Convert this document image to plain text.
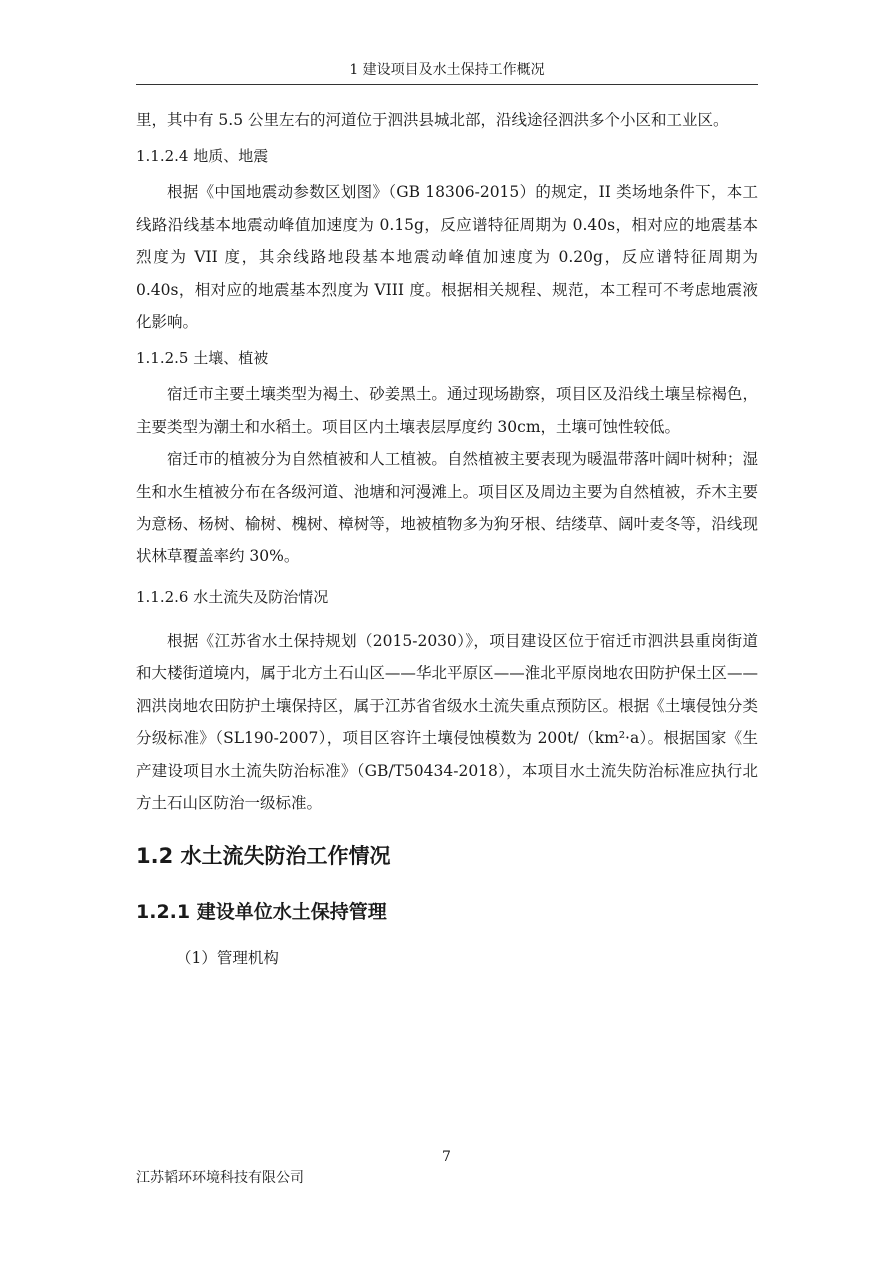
1 建设项目及水土保持工作概况

里，其中有 5.5 公里左右的河道位于泗洪县城北部，沿线途径泗洪多个小区和工业区。

1.1.2.4 地质、地震

根据《中国地震动参数区划图》（GB 18306-2015）的规定，II 类场地条件下，本工线路沿线基本地震动峰值加速度为 0.15g，反应谱特征周期为 0.40s，相对应的地震基本烈度为 VII 度，其余线路地段基本地震动峰值加速度为 0.20g，反应谱特征周期为 0.40s，相对应的地震基本烈度为 VIII 度。根据相关规程、规范，本工程可不考虑地震液化影响。

1.1.2.5 土壤、植被

宿迁市主要土壤类型为褐土、砂姜黑土。通过现场勘察，项目区及沿线土壤呈棕褐色，主要类型为潮土和水稻土。项目区内土壤表层厚度约 30cm，土壤可蚀性较低。

宿迁市的植被分为自然植被和人工植被。自然植被主要表现为暖温带落叶阔叶树种；湿生和水生植被分布在各级河道、池塘和河漫滩上。项目区及周边主要为自然植被，乔木主要为意杨、杨树、榆树、槐树、樟树等，地被植物多为狗牙根、结缕草、阔叶麦冬等，沿线现状林草覆盖率约 30%。

1.1.2.6 水土流失及防治情况

根据《江苏省水土保持规划（2015-2030）》，项目建设区位于宿迁市泗洪县重岗街道和大楼街道境内，属于北方土石山区——华北平原区——淮北平原岗地农田防护保土区——泗洪岗地农田防护土壤保持区，属于江苏省省级水土流失重点预防区。根据《土壤侵蚀分类分级标准》（SL190-2007），项目区容许土壤侵蚀模数为 200t/（km²·a）。根据国家《生产建设项目水土流失防治标准》（GB/T50434-2018），本项目水土流失防治标准应执行北方土石山区防治一级标准。

1.2 水土流失防治工作情况
1.2.1 建设单位水土保持管理

（1）管理机构

7
江苏韬环环境科技有限公司
